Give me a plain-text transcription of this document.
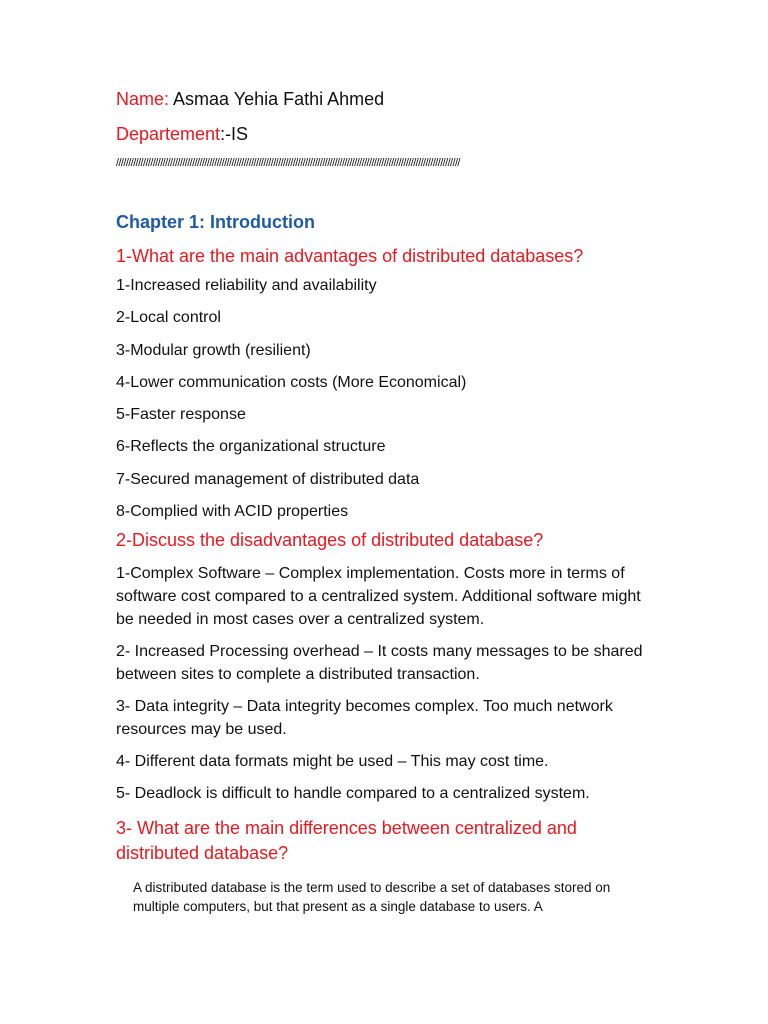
Name: Asmaa Yehia Fathi Ahmed
Departement:-IS
////////////////////////////////////////////////////////////////////////////////////////////////////////////////////////////////////////////
Chapter 1: Introduction
1-What are the main advantages of distributed databases?
1-Increased reliability and availability
2-Local control
3-Modular growth (resilient)
4-Lower communication costs (More Economical)
5-Faster response
6-Reflects the organizational structure
7-Secured management of distributed data
8-Complied with ACID properties
2-Discuss the disadvantages of distributed database?
1-Complex Software – Complex implementation. Costs more in terms of software cost compared to a centralized system. Additional software might be needed in most cases over a centralized system.
2- Increased Processing overhead – It costs many messages to be shared between sites to complete a distributed transaction.
3- Data integrity – Data integrity becomes complex. Too much network resources may be used.
4- Different data formats might be used – This may cost time.
5- Deadlock is difficult to handle compared to a centralized system.
3- What are the main differences between centralized and distributed database?
A distributed database is the term used to describe a set of databases stored on multiple computers, but that present as a single database to users. A
